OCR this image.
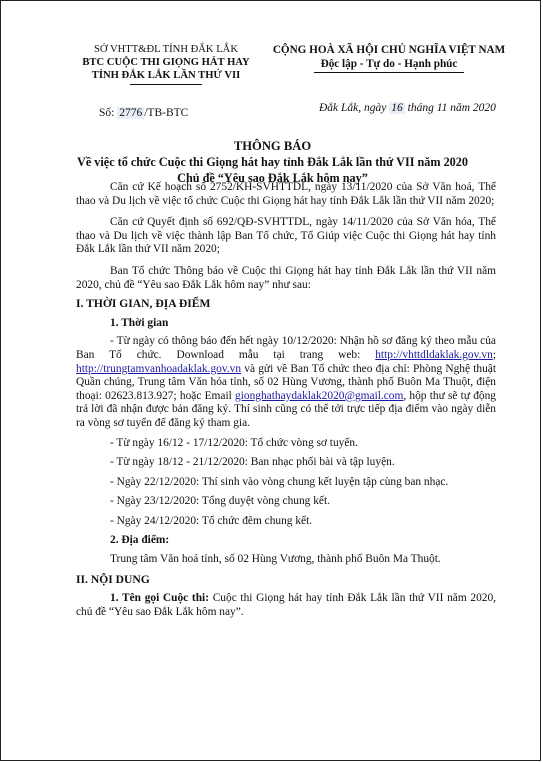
SỞ VHTT&ĐL TỈNH ĐẮK LẮK
BTC CUỘC THI GIỌNG HÁT HAY
TỈNH ĐẮK LẮK LẦN THỨ VII
CỘNG HOÀ XÃ HỘI CHỦ NGHĨA VIỆT NAM
Độc lập - Tự do - Hạnh phúc
Số: 2776 /TB-BTC	Đắk Lắk, ngày 16 tháng 11 năm 2020
THÔNG BÁO
Về việc tổ chức Cuộc thi Giọng hát hay tỉnh Đắk Lắk lần thứ VII năm 2020
Chủ đề “Yêu sao Đắk Lắk hôm nay”

Căn cứ Kế hoạch số 2752/KH-SVHTTDL, ngày 13/11/2020 của Sở Văn hoá, Thể thao và Du lịch về việc tổ chức Cuộc thi Giọng hát hay tỉnh Đắk Lắk lần thứ VII năm 2020;

Căn cứ Quyết định số 692/QĐ-SVHTTDL, ngày 14/11/2020 của Sở Văn hóa, Thể thao và Du lịch về việc thành lập Ban Tổ chức, Tổ Giúp việc Cuộc thi Giọng hát hay tỉnh Đắk Lắk lần thứ VII năm 2020;

Ban Tổ chức Thông báo về Cuộc thi Giọng hát hay tỉnh Đắk Lắk lần thứ VII năm 2020, chủ đề “Yêu sao Đắk Lắk hôm nay” như sau:

I. THỜI GIAN, ĐỊA ĐIỂM

1. Thời gian

- Từ ngày có thông báo đến hết ngày 10/12/2020: Nhận hồ sơ đăng ký theo mẫu của Ban Tổ chức. Download mẫu tại trang web: http://vhttdldaklak.gov.vn; http://trungtamvanhoadaklak.gov.vn và gửi về Ban Tổ chức theo địa chỉ: Phòng Nghệ thuật Quần chúng, Trung tâm Văn hóa tỉnh, số 02 Hùng Vương, thành phố Buôn Ma Thuột, điện thoại: 02623.813.927; hoặc Email gionghathaydaklak2020@gmail.com, hộp thư sẽ tự động trả lời đã nhận được bản đăng ký. Thí sinh cũng có thể tới trực tiếp địa điểm vào ngày diễn ra vòng sơ tuyển để đăng ký tham gia.

- Từ ngày 16/12 - 17/12/2020: Tổ chức vòng sơ tuyển.

- Từ ngày 18/12 - 21/12/2020: Ban nhạc phối bài và tập luyện.

- Ngày 22/12/2020: Thí sinh vào vòng chung kết luyện tập cùng ban nhạc.

- Ngày 23/12/2020: Tổng duyệt vòng chung kết.

- Ngày 24/12/2020: Tổ chức đêm chung kết.

2. Địa điểm:

Trung tâm Văn hoá tỉnh, số 02 Hùng Vương, thành phố Buôn Ma Thuột.

II. NỘI DUNG

1. Tên gọi Cuộc thi: Cuộc thi Giọng hát hay tỉnh Đắk Lắk lần thứ VII năm 2020, chủ đề “Yêu sao Đắk Lắk hôm nay”.
